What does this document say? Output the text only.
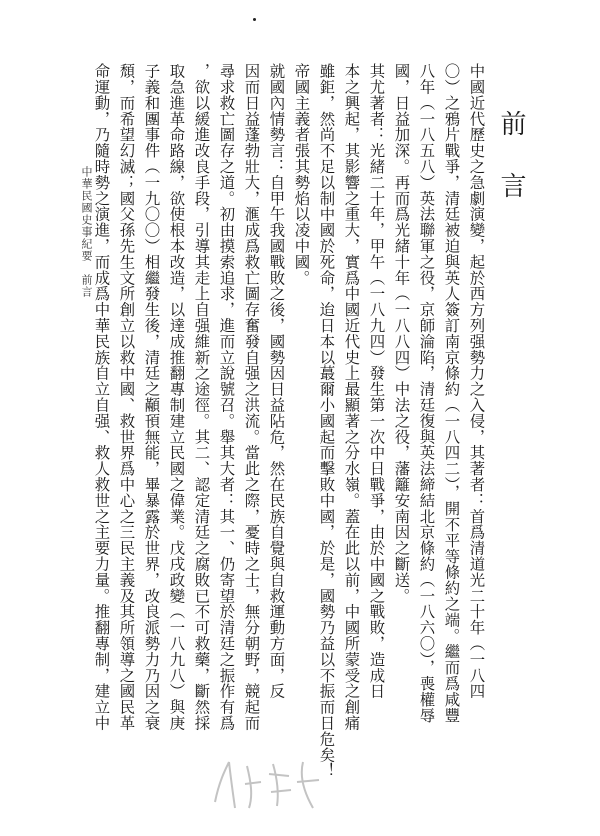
前言
中國近代歷史之急劇演變，起於西方列强勢力之入侵，其著者：首爲清道光二十年（一八四
〇）之鴉片戰爭，清廷被迫與英人簽訂南京條約（一八四二），開不平等條約之端。繼而爲咸豐
八年（一八五八）英法聯軍之役，京師淪陷，清廷復與英法締結北京條約（一八六〇），喪權辱
國，日益加深。再而爲光緒十年（一八八四）中法之役，藩籬安南因之斷送。
其尤著者：光緒二十年，甲午（一八九四）發生第一次中日戰爭，由於中國之戰敗，造成日
本之興起，其影響之重大，實爲中國近代史上最顯著之分水嶺。蓋在此以前，中國所蒙受之創痛
雖鉅，然尚不足以制中國於死命，迨日本以蕞爾小國起而擊敗中國，於是，國勢乃益以不振而日危矣！
帝國主義者張其勢焰以凌中國。
就國內情勢言：自甲午我國戰敗之後，國勢因日益阽危，然在民族自覺與自救運動方面，反
因而日益蓬勃壯大，滙成爲救亡圖存奮發自强之洪流。當此之際，憂時之士，無分朝野，競起而
尋求救亡圖存之道。初由摸索追求，進而立說號召。舉其大者：其一、仍寄望於清廷之振作有爲
，欲以緩進改良手段，引導其走上自强維新之途徑。其二、認定清廷之腐敗已不可救藥，斷然採
取急進革命路線，欲使根本改造，以達成推翻專制建立民國之偉業。戊戌政變（一八九八）與庚
子義和團事件（一九〇〇）相繼發生後，清廷之顢頇無能，畢暴露於世界，改良派勢力乃因之衰
頹，而希望幻滅；國父孫先生文所創立以救中國、救世界爲中心之三民主義及其所領導之國民革
命運動，乃隨時勢之演進，而成爲中華民族自立自强、救人救世之主要力量。推翻專制，建立中
中華民國史事紀要　前言
